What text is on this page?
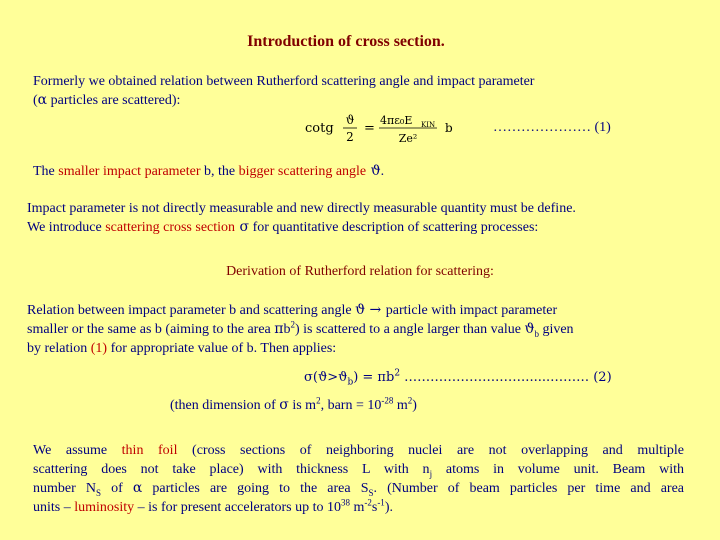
Introduction of cross section.
Formerly we obtained relation between Rutherford scattering angle and impact parameter
(α particles are scattered):
cotg
ϑ
2
=
4πε₀E KIN
Ze²
b	………………… (1)
The smaller impact parameter b, the bigger scattering angle ϑ.
Impact parameter is not directly measurable and new directly measurable quantity must be define.
We introduce scattering cross section σ for quantitative description of scattering processes:
Derivation of Rutherford relation for scattering:
Relation between impact parameter b and scattering angle ϑ → particle with impact parameter
smaller or the same as b (aiming to the area $\pi b^2$) is scattered to a angle larger than value $ϑ_b$ given
by relation (1) for appropriate value of b. Then applies:
$\sigma(ϑ>ϑ_b) = \pi b^2$ ………………….……......……… (2)
(then dimension of σ is $m^2$, barn = $10^{-28}$ $m^2$)
We assume thin foil (cross sections of neighboring nuclei are not overlapping and multiple
scattering does not take place) with thickness L with $n_j$ atoms in volume unit. Beam with
number $N_S$ of α particles are going to the area $S_S$. (Number of beam particles per time and area
units – luminosity – is for present accelerators up to $10^{38}$ $m^{-2}s^{-1}$).
